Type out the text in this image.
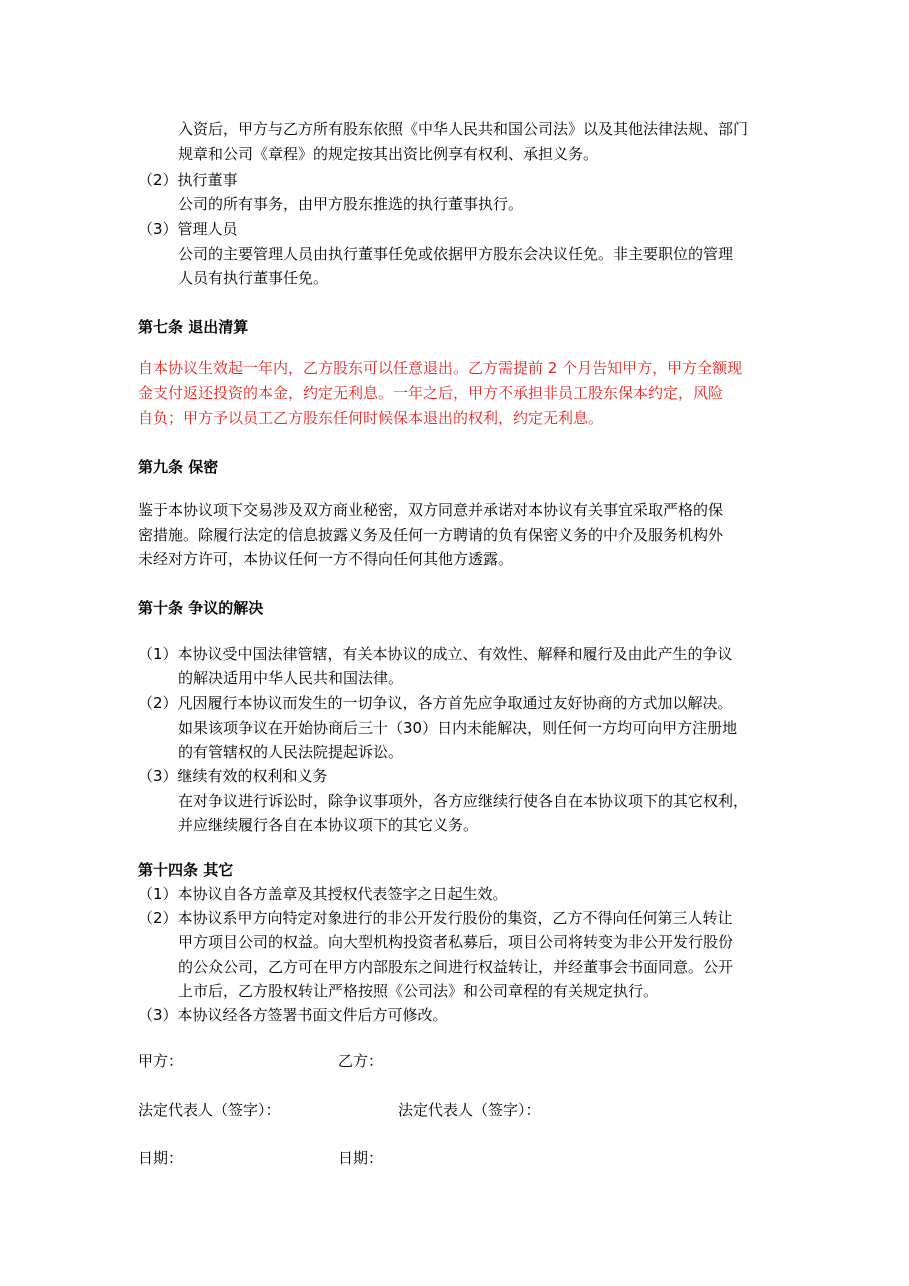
入资后，甲方与乙方所有股东依照《中华人民共和国公司法》以及其他法律法规、部门
规章和公司《章程》的规定按其出资比例享有权利、承担义务。
（2）执行董事
公司的所有事务，由甲方股东推选的执行董事执行。
（3）管理人员
公司的主要管理人员由执行董事任免或依据甲方股东会决议任免。非主要职位的管理
人员有执行董事任免。
第七条 退出清算
自本协议生效起一年内，乙方股东可以任意退出。乙方需提前 2 个月告知甲方，甲方全额现
金支付返还投资的本金，约定无利息。一年之后，甲方不承担非员工股东保本约定，风险
自负；甲方予以员工乙方股东任何时候保本退出的权利，约定无利息。
第九条 保密
鉴于本协议项下交易涉及双方商业秘密，双方同意并承诺对本协议有关事宜采取严格的保
密措施。除履行法定的信息披露义务及任何一方聘请的负有保密义务的中介及服务机构外
未经对方许可，本协议任何一方不得向任何其他方透露。
第十条 争议的解决
（1）本协议受中国法律管辖，有关本协议的成立、有效性、解释和履行及由此产生的争议
的解决适用中华人民共和国法律。
（2）凡因履行本协议而发生的一切争议，各方首先应争取通过友好协商的方式加以解决。
如果该项争议在开始协商后三十（30）日内未能解决，则任何一方均可向甲方注册地
的有管辖权的人民法院提起诉讼。
（3）继续有效的权利和义务
在对争议进行诉讼时，除争议事项外，各方应继续行使各自在本协议项下的其它权利，
并应继续履行各自在本协议项下的其它义务。
第十四条 其它
（1）本协议自各方盖章及其授权代表签字之日起生效。
（2）本协议系甲方向特定对象进行的非公开发行股份的集资，乙方不得向任何第三人转让
甲方项目公司的权益。向大型机构投资者私募后，项目公司将转变为非公开发行股份
的公众公司，乙方可在甲方内部股东之间进行权益转让，并经董事会书面同意。公开
上市后，乙方股权转让严格按照《公司法》和公司章程的有关规定执行。
（3）本协议经各方签署书面文件后方可修改。
甲方：	乙方：
法定代表人（签字）：	法定代表人（签字）：
日期：	日期：
